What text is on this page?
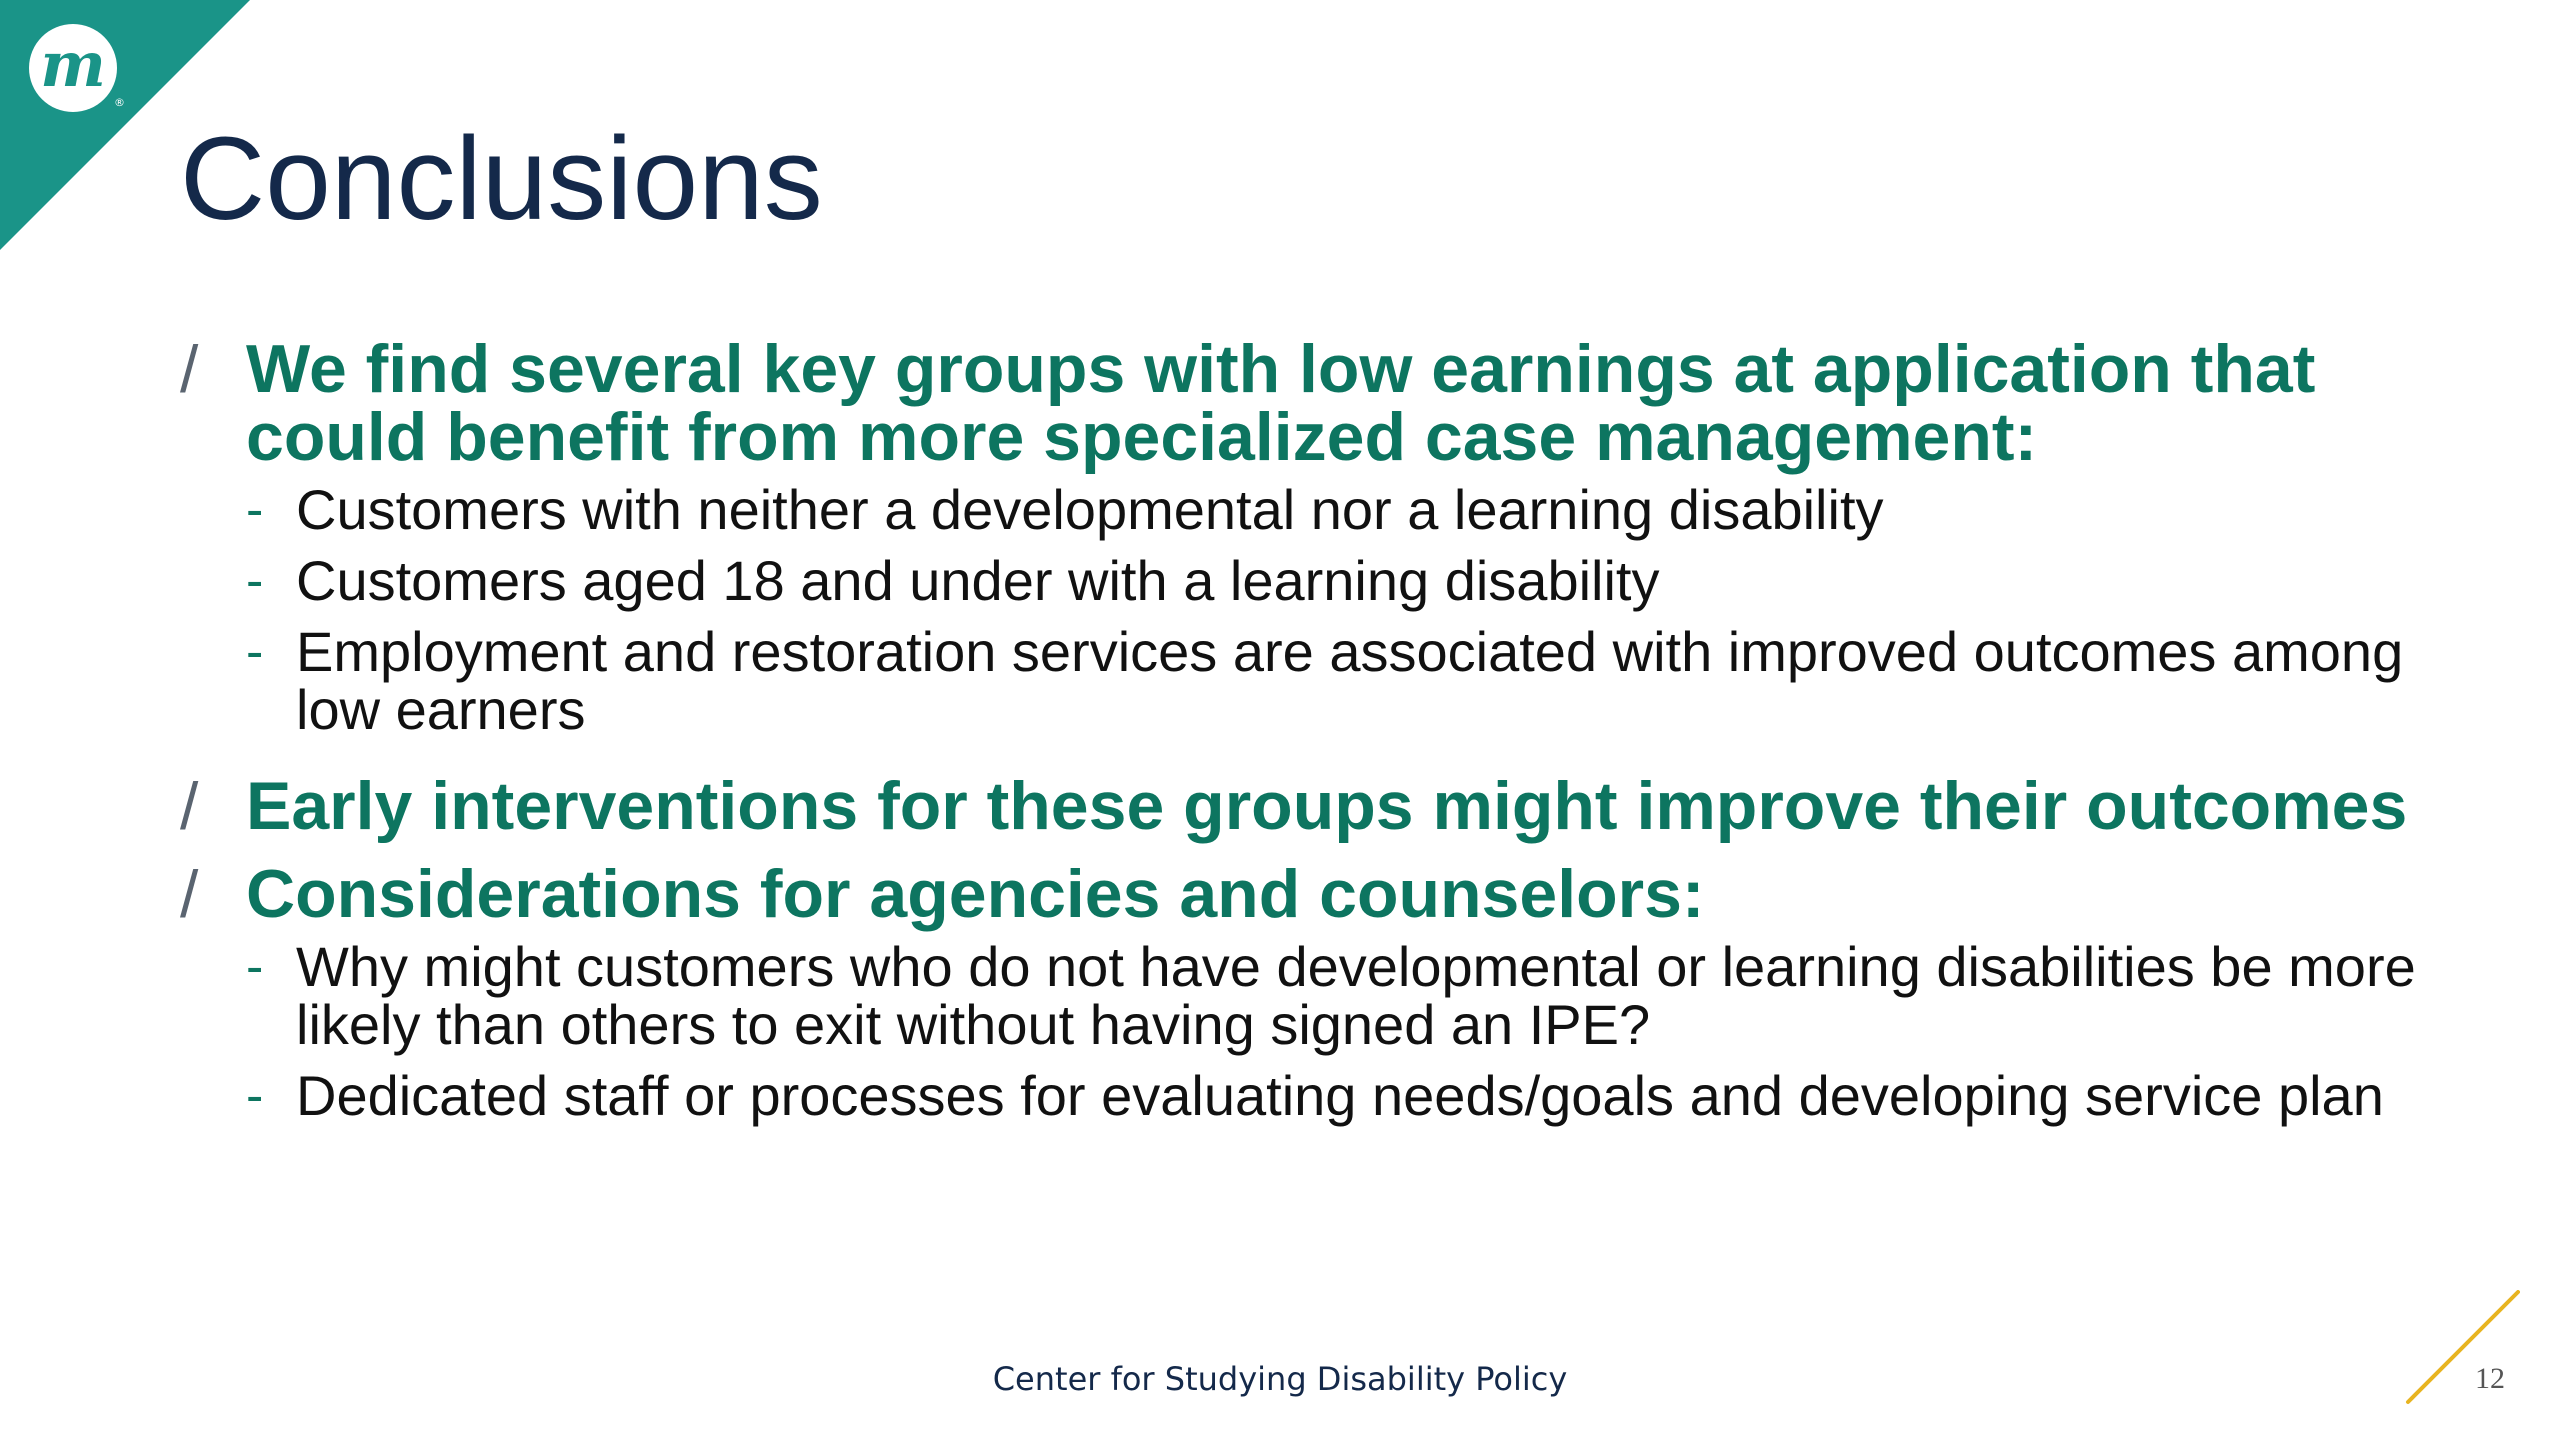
m
®
Conclusions
/ We find several key groups with low earnings at application that could benefit from more specialized case management:
- Customers with neither a developmental nor a learning disability
- Customers aged 18 and under with a learning disability
- Employment and restoration services are associated with improved outcomes among low earners
/ Early interventions for these groups might improve their outcomes
/ Considerations for agencies and counselors:
- Why might customers who do not have developmental or learning disabilities be more likely than others to exit without having signed an IPE?
- Dedicated staff or processes for evaluating needs/goals and developing service plan
Center for Studying Disability Policy	12
